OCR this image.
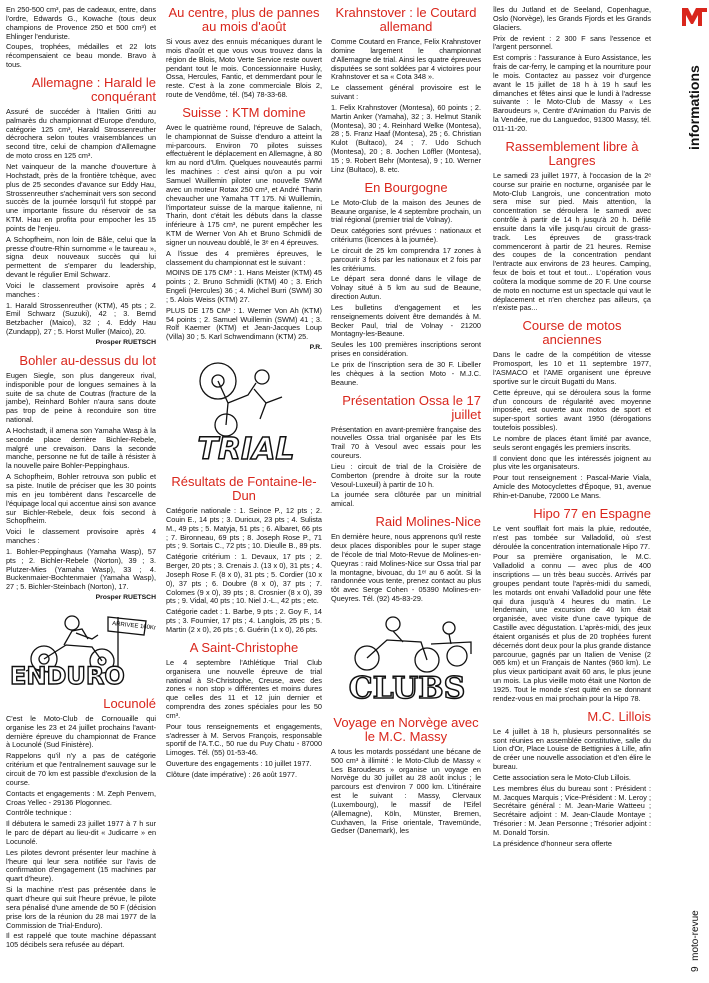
En 250-500 cm³, pas de cadeaux, entre, dans l'ordre, Edwards G., Kowache (tous deux champions de Provence 250 et 500 cm³) et Ehlinger l'enduriste.

Coupes, trophées, médailles et 22 lots récompensaient ce beau monde. Bravo à tous.

Allemagne : Harald le conquérant

Assuré de succéder à l'Italien Gritti au palmarès du championnat d'Europe d'enduro, catégorie 125 cm³, Harald Strossenreuther décrochera selon toutes vraisemblances un second titre, celui de champion d'Allemagne de moto cross en 125 cm³.

Net vainqueur de la manche d'ouverture à Hochstadt, près de la frontière tchèque, avec plus de 25 secondes d'avance sur Eddy Hau, Strossenreuther s'acheminait vers son second succès de la journée lorsqu'il fut stoppé par une importante fissure du réservoir de sa KTM. Hau en profita pour empocher les 15 points de l'enjeu.

A Schopfheim, non loin de Bâle, celui que la presse d'outre-Rhin surnomme « le taureau », signa deux nouveaux succès qui lui permettent de s'emparer du leadership, devant le régulier Emil Schwarz.

Voici le classement provisoire après 4 manches :

1. Harald Strossenreuther (KTM), 45 pts ; 2. Emil Schwarz (Suzuki), 42 ; 3. Bernd Betzbacher (Maico), 32 ; 4. Eddy Hau (Zundapp), 27 ; 5. Horst Muller (Maico), 20.

Prosper RUETSCH

Bohler au-dessus du lot

Eugen Siegle, son plus dangereux rival, indisponible pour de longues semaines à la suite de sa chute de Coutras (fracture de la jambe), Reinhard Bohler n'aura sans doute pas trop de peine à reconduire son titre national.

A Hochstadt, il amena son Yamaha Wasp à la seconde place derrière Bichler-Rebele, malgré une crevaison. Dans la seconde manche, personne ne fut de taille à résister à la nouvelle paire Bohler-Peppinghaus.

A Schopfheim, Bohler retrouva son public et sa piste. Inutile de préciser que les 30 points mis en jeu tombèrent dans l'escarcelle de l'équipage local qui accentue ainsi son avance sur Bichler-Rebele, deux fois second à Schopfheim.

Voici le classement provisoire après 4 manches :

1. Bohler-Peppinghaus (Yamaha Wasp), 57 pts ; 2. Bichler-Rebele (Norton), 39 ; 3. Plutzer-Mies (Yamaha Wasp), 33 ; 4. Buckenmaier-Bochtenmaier (Yamaha Wasp), 27 ; 5. Bichler-Steinbach (Norton), 17.

Prosper RUETSCH

ARRIVEE 160Km
ENDURO
Locunolé

C'est le Moto-Club de Cornouaille qui organise les 23 et 24 juillet prochains l'avant-dernière épreuve du championnat de France à Locunolé (Sud Finistère).

Rappelons qu'il n'y a pas de catégorie critérium et que l'entraînement sauvage sur le circuit de 70 km est passible d'exclusion de la course.

Contacts et engagements : M. Zeph Penvern, Croas Yellec - 29136 Plogonnec.

Contrôle technique :

Il débutera le samedi 23 juillet 1977 à 7 h sur le parc de départ au lieu-dit « Judicarre » en Locunolé.

Les pilotes devront présenter leur machine à l'heure qui leur sera notifiée sur l'avis de confirmation d'engagement (15 machines par quart d'heure).

Si la machine n'est pas présentée dans le quart d'heure qui suit l'heure prévue, le pilote sera pénalisé d'une amende de 50 F (décision prise lors de la réunion du 28 mai 1977 de la Commission de Trial-Enduro).

Il est rappelé que toute machine dépassant 105 décibels sera refusée au départ.

Au centre, plus de pannes au mois d'août

Si vous avez des ennuis mécaniques durant le mois d'août et que vous vous trouvez dans la région de Blois, Moto Verte Service reste ouvert pendant tout le mois. Concessionnaire Husky, Ossa, Hercules, Fantic, et demmerdant pour le reste. C'est à la zone commerciale Blois 2, route de Vendôme, tél. (54) 78-33-68.

Suisse : KTM domine

Avec le quatrième round, l'épreuve de Salach, le championnat de Suisse d'enduro a atteint la mi-parcours. Environ 70 pilotes suisses effectuèrent le déplacement en Allemagne, à 80 km au nord d'Ulm. Quelques nouveautés parmi les machines : c'est ainsi qu'on a pu voir Samuel Wuillemin piloter une nouvelle SWM avec un moteur Rotax 250 cm³, et André Tharin chevaucher une Yamaha TT 175. Ni Wuillemin, l'importateur suisse de la marque italienne, ni Tharin, dont c'était les débuts dans la classe inférieure à 175 cm³, ne purent empêcher les KTM de Werner Von Ah et Bruno Schmidli de signer un nouveau doublé, le 3ᵉ en 4 épreuves.

A l'issue des 4 premières épreuves, le classement du championnat est le suivant :

MOINS DE 175 CM³ : 1. Hans Meister (KTM) 45 points ; 2. Bruno Schmidli (KTM) 40 ; 3. Erich Engeli (Hercules) 36 ; 4. Michel Burri (SWM) 30 ; 5. Alois Weiss (KTM) 27.

PLUS DE 175 CM³ : 1. Werner Von Ah (KTM) 54 points ; 2. Samuel Wuillemin (SWM) 41 ; 3. Rolf Kaemer (KTM) et Jean-Jacques Loup (Villa) 30 ; 5. Karl Schwendimann (KTM) 25.

P.R.

TRIAL
Résultats de Fontaine-le-Dun

Catégorie nationale : 1. Seince P., 12 pts ; 2. Couin E., 14 pts ; 3. Duricux, 23 pts ; 4. Sulista M., 49 pts ; 5. Matyja, 51 pts ; 6. Albaret, 66 pts ; 7. Bironneau, 69 pts ; 8. Joseph Rose P., 71 pts ; 9. Sortais C., 72 pts ; 10. Dieulle B., 89 pts.

Catégorie critérium : 1. Devaux, 17 pts ; 2. Berger, 20 pts ; 3. Crenais J. (13 x 0), 31 pts ; 4. Joseph Rose F. (8 x 0), 31 pts ; 5. Cordier (10 x 0), 37 pts ; 6. Doubre (8 x 0), 37 pts ; 7. Colomes (9 x 0), 39 pts ; 8. Crosnier (8 x 0), 39 pts ; 9. Vidal, 40 pts ; 10. Niel J.-L., 42 pts ; etc.

Catégorie cadet : 1. Barbe, 9 pts ; 2. Goy F., 14 pts ; 3. Fournier, 17 pts ; 4. Langlois, 25 pts ; 5. Martin (2 x 0), 26 pts ; 6. Guérin (1 x 0), 26 pts.

A Saint-Christophe

Le 4 septembre l'Athlétique Trial Club organisera une nouvelle épreuve de trial national à St-Christophe, Creuse, avec des zones « non stop » différentes et moins dures que celles des 11 et 12 juin dernier et comprendra des zones spéciales pour les 50 cm³.

Pour tous renseignements et engagements, s'adresser à M. Servos François, responsable sportif de l'A.T.C., 50 rue du Puy Chatu - 87000 Limoges. Tél. (55) 01-53-46.

Ouverture des engagements : 10 juillet 1977.

Clôture (date impérative) : 26 août 1977.

Krahnstover : le Coutard allemand

Comme Coutard en France, Felix Krahnstover domine largement le championnat d'Allemagne de trial. Ainsi les quatre épreuves disputées se sont soldées par 4 victoires pour Krahnstover et sa « Cota 348 ».

Le classement général provisoire est le suivant :

1. Felix Krahnstover (Montesa), 60 points ; 2. Martin Anker (Yamaha), 32 ; 3. Helmut Stanik (Montesa), 30 ; 4. Reinhard Welke (Montesa), 28 ; 5. Franz Haaf (Montesa), 25 ; 6. Christian Kulot (Bultaco), 24 ; 7. Udo Schuch (Montesa), 20 ; 8. Jochen Löffler (Montesa), 15 ; 9. Robert Behr (Montesa), 9 ; 10. Werner Linz (Bultaco), 8. etc.

En Bourgogne

Le Moto-Club de la maison des Jeunes de Beaune organise, le 4 septembre prochain, un trial régional (premier trial de Volnay).

Deux catégories sont prévues : nationaux et critériums (licences à la journée).

Le circuit de 25 km comprendra 17 zones à parcourir 3 fois par les nationaux et 2 fois par les critériums.

Le départ sera donné dans le village de Volnay situé à 5 km au sud de Beaune, direction Autun.

Les bulletins d'engagement et les renseignements doivent être demandés à M. Becker Paul, trial de Volnay - 21200 Montagny-les-Beaune.

Seules les 100 premières inscriptions seront prises en considération.

Le prix de l'inscription sera de 30 F. Libeller les chèques à la section Moto - M.J.C. Beaune.

Présentation Ossa le 17 juillet

Présentation en avant-première française des nouvelles Ossa trial organisée par les Ets Trail 70 à Vesoul avec essais pour les coureurs.

Lieu : circuit de trial de la Croisière de Comberton (prendre à droite sur la route Vesoul-Luxeuil) à partir de 10 h.

La journée sera clôturée par un minitrial amical.

Raid Molines-Nice

En dernière heure, nous apprenons qu'il reste deux places disponibles pour le super stage de l'école de trial Moto-Revue de Molines-en-Queyras : raid Molines-Nice sur Ossa trial par la montagne, bivouac, du 1ᵉʳ au 6 août. Si la randonnée vous tente, prenez contact au plus tôt avec Serge Cohen - 05390 Molines-en-Queyres. Tél. (92) 45-83-29.

CLUBS
Voyage en Norvège avec le M.C. Massy

A tous les motards possédant une bécane de 500 cm³ à illimité : le Moto-Club de Massy « Les Baroudeurs » organise un voyage en Norvège du 30 juillet au 28 août inclus ; le parcours est d'environ 7 000 km. L'itinéraire est le suivant : Massy, Clervaux (Luxembourg), le massif de l'Eifel (Allemagne), Köln, Münster, Bremen, Cuxhaven, la Frise orientale, Travemünde, Gedser (Danemark), les

îles du Jutland et de Seeland, Copenhague, Oslo (Norvège), les Grands Fjords et les Grands Glaciers.

Prix de revient : 2 300 F sans l'essence et l'argent personnel.

Est compris : l'assurance à Euro Assistance, les frais de car-ferry, le camping et la nourriture pour le mois. Contactez au passez voir d'urgence avant le 15 juillet de 18 h à 19 h sauf les dimanches et fêtes ainsi que le lundi à l'adresse suivante : le Moto-Club de Massy « Les Baroudeurs », Centre d'Animation du Parvis de la Vendée, rue du Languedoc, 91300 Massy, tél. 011-11-20.

Rassemblement libre à Langres

Le samedi 23 juillet 1977, à l'occasion de la 2ᵉ course sur prairie en nocturne, organisée par le Moto-Club Langrois, une concentration moto sera mise sur pied. Mais attention, la concentration se déroulera le samedi avec contrôle à partir de 14 h jusqu'à 20 h. Défilé ensuite dans la ville jusqu'au circuit de grass-track. Les épreuves de grass-track commenceront à partir de 21 heures. Remise des coupes de la concentration pendant l'entracte aux environs de 23 heures. Camping, feux de bois et tout et tout... L'opération vous coûtera la modique somme de 20 F. Une course de moto en nocturne est un spectacle qui vaut le déplacement et n'en cherchez pas ailleurs, ça n'existe pas...

Course de motos anciennes

Dans le cadre de la compétition de vitesse Promosport, les 10 et 11 septembre 1977, l'ASMACO et l'AME organisent une épreuve sportive sur le circuit Bugatti du Mans.

Cette épreuve, qui se déroulera sous la forme d'un concours de régularité avec moyenne imposée, est ouverte aux motos de sport et super-sport sorties avant 1950 (dérogations toutefois possibles).

Le nombre de places étant limité par avance, seuls seront engagés les premiers inscrits.

Il convient donc que les intéressés joignent au plus vite les organisateurs.

Pour tout renseignement : Pascal-Marie Viala, Amicle des Motocyclettes d'Époque, 91, avenue Rhin-et-Danube, 72000 Le Mans.

Hipo 77 en Espagne

Le vent soufflait fort mais la pluie, redoutée, n'est pas tombée sur Valladolid, où s'est déroulée la concentration internationale Hipo 77.

Pour sa première organisation, le M.C. Valladolid a connu — avec plus de 400 inscriptions — un très beau succès. Arrivés par groupes pendant toute l'après-midi du samedi, les motards ont envahi Valladolid pour une fête qui dura jusqu'à 4 heures du matin. Le lendemain, une excursion de 40 km était organisée, avec visite d'une cave typique de Castille avec dégustation. L'après-midi, des jeux étaient organisés et plus de 20 trophées furent décernés dont deux pour la plus grande distance parcourue, gagnés par un Italien de Venise (2 065 km) et un Français de Nantes (960 km). Le plus vieux participant avait 60 ans, le plus jeune un mois. La plus vieille moto était une Norton de 1925. Tout le monde s'est quitté en se donnant rendez-vous en mai prochain pour la Hipo 78.

M.C. Lillois

Le 4 juillet à 18 h, plusieurs personnalités se sont réunies en assemblée constitutive, salle du Lion d'Or, Place Louise de Bettignies à Lille, afin de créer une nouvelle association et d'en élire le bureau.

Cette association sera le Moto-Club Lillois.

Les membres élus du bureau sont : Président : M. Jacques Marquis ; Vice-Président : M. Leroy ; Secrétaire général : M. Jean-Marie Watteeu ; Secrétaire adjoint : M. Jean-Claude Montaye ; Trésorier : M. Jean Personne ; Trésorier adjoint : M. Donald Torsin.

La présidence d'honneur sera offerte

informations
9  moto-revue
